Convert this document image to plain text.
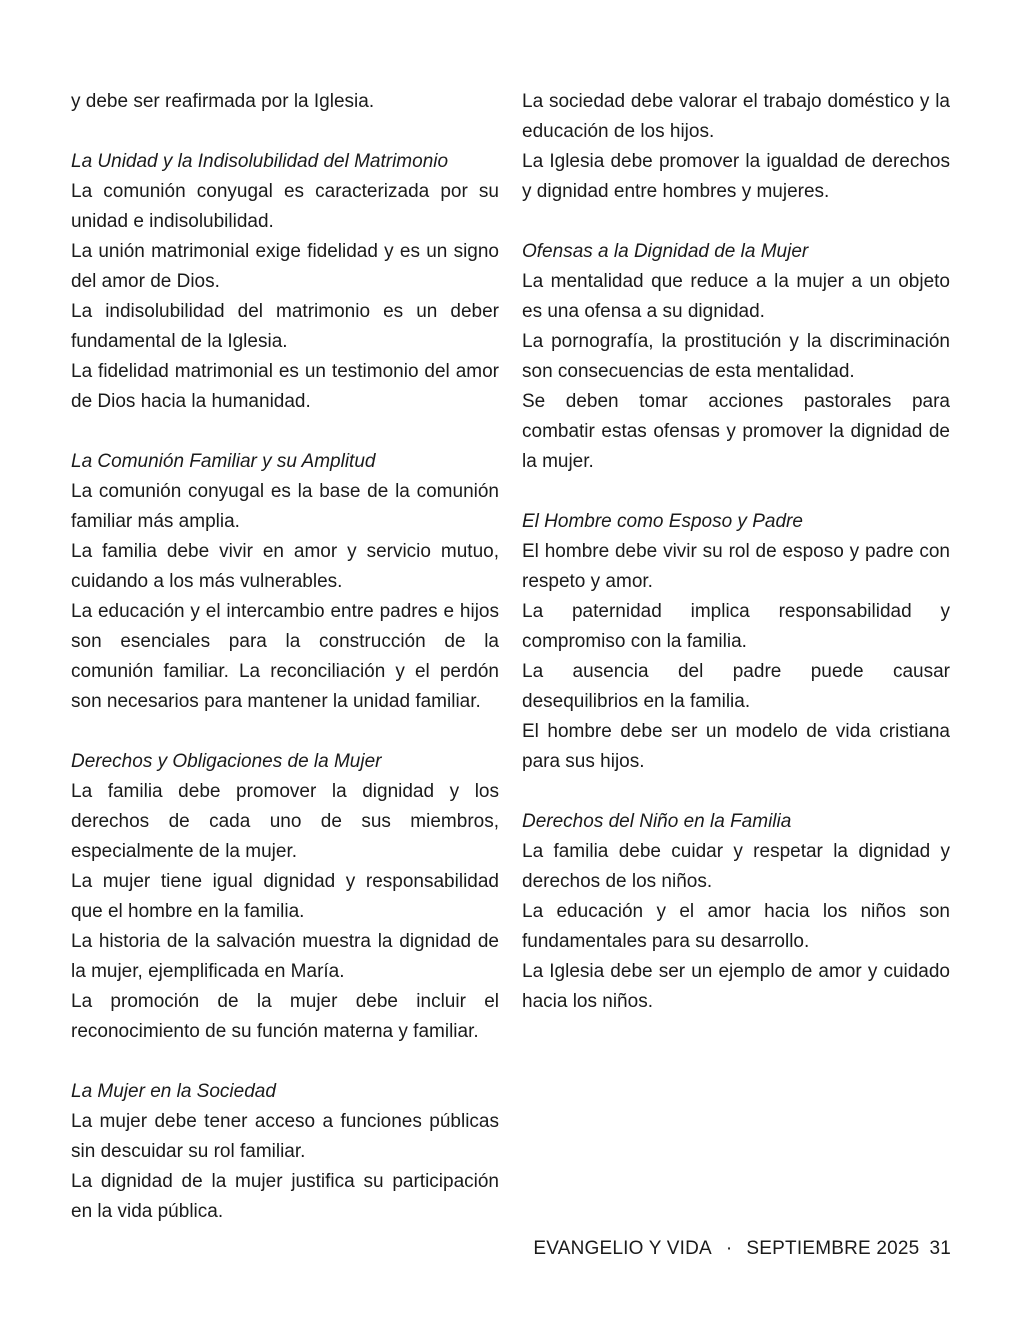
y debe ser reafirmada por la Iglesia.

La Unidad y la Indisolubilidad del Matrimonio

La comunión conyugal es caracterizada por su unidad e indisolubilidad.

La unión matrimonial exige fidelidad y es un signo del amor de Dios.

La indisolubilidad del matrimonio es un deber fundamental de la Iglesia.

La fidelidad matrimonial es un testimonio del amor de Dios hacia la humanidad.

La Comunión Familiar y su Amplitud

La comunión conyugal es la base de la comunión familiar más amplia.

La familia debe vivir en amor y servicio mutuo, cuidando a los más vulnerables.

La educación y el intercambio entre padres e hijos son esenciales para la construcción de la comunión familiar. La reconciliación y el perdón son necesarios para mantener la unidad familiar.

Derechos y Obligaciones de la Mujer

La familia debe promover la dignidad y los derechos de cada uno de sus miembros, especialmente de la mujer.

La mujer tiene igual dignidad y responsabilidad que el hombre en la familia.

La historia de la salvación muestra la dignidad de la mujer, ejemplificada en María.

La promoción de la mujer debe incluir el reconocimiento de su función materna y familiar.

La Mujer en la Sociedad

La mujer debe tener acceso a funciones públicas sin descuidar su rol familiar.

La dignidad de la mujer justifica su participación en la vida pública.

La sociedad debe valorar el trabajo doméstico y la educación de los hijos.

La Iglesia debe promover la igualdad de derechos y dignidad entre hombres y mujeres.

Ofensas a la Dignidad de la Mujer

La mentalidad que reduce a la mujer a un objeto es una ofensa a su dignidad.

La pornografía, la prostitución y la discriminación son consecuencias de esta mentalidad.

Se deben tomar acciones pastorales para combatir estas ofensas y promover la dignidad de la mujer.

El Hombre como Esposo y Padre

El hombre debe vivir su rol de esposo y padre con respeto y amor.

La paternidad implica responsabilidad y compromiso con la familia.

La ausencia del padre puede causar desequilibrios en la familia.

El hombre debe ser un modelo de vida cristiana para sus hijos.

Derechos del Niño en la Familia

La familia debe cuidar y respetar la dignidad y derechos de los niños.

La educación y el amor hacia los niños son fundamentales para su desarrollo.

La Iglesia debe ser un ejemplo de amor y cuidado hacia los niños.

EVANGELIO Y VIDA · SEPTIEMBRE 2025 31
